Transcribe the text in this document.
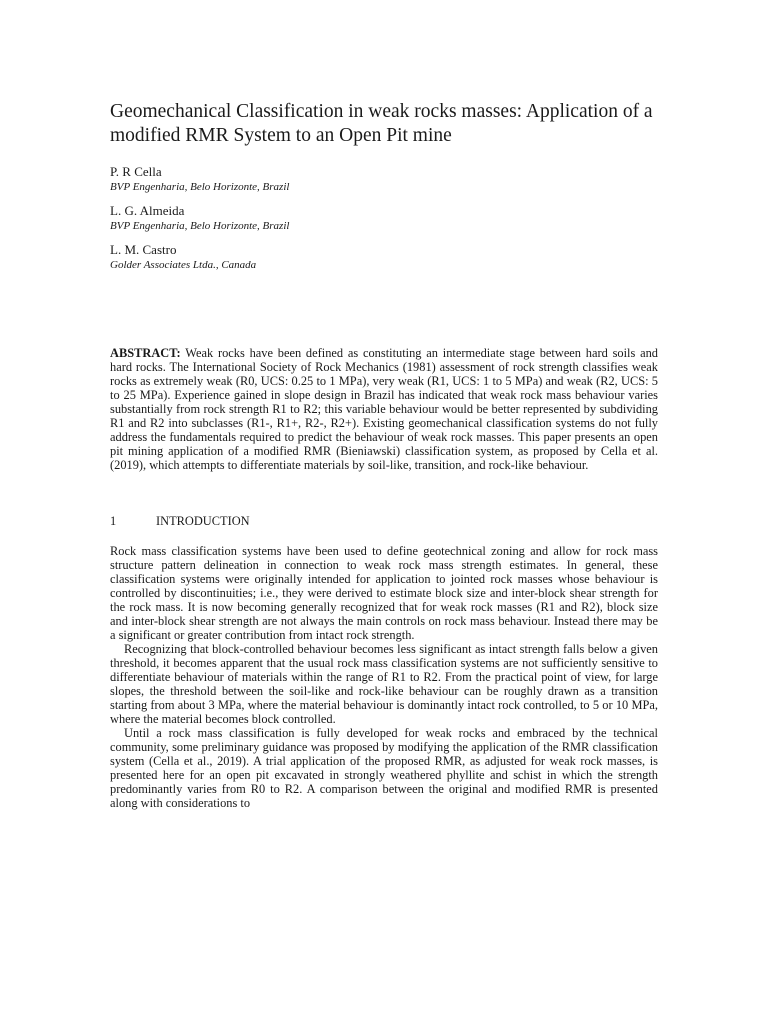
Geomechanical Classification in weak rocks masses: Application of a modified RMR System to an Open Pit mine
P. R Cella
BVP Engenharia, Belo Horizonte, Brazil
L. G. Almeida
BVP Engenharia, Belo Horizonte, Brazil
L. M. Castro
Golder Associates Ltda., Canada
ABSTRACT: Weak rocks have been defined as constituting an intermediate stage between hard soils and hard rocks. The International Society of Rock Mechanics (1981) assessment of rock strength classifies weak rocks as extremely weak (R0, UCS: 0.25 to 1 MPa), very weak (R1, UCS: 1 to 5 MPa) and weak (R2, UCS: 5 to 25 MPa). Experience gained in slope design in Brazil has indicated that weak rock mass behaviour varies substantially from rock strength R1 to R2; this variable behaviour would be better represented by subdividing R1 and R2 into subclasses (R1-, R1+, R2-, R2+). Existing geomechanical classification systems do not fully address the fundamentals required to predict the behaviour of weak rock masses. This paper presents an open pit mining application of a modified RMR (Bieniawski) classification system, as proposed by Cella et al. (2019), which attempts to differentiate materials by soil-like, transition, and rock-like behaviour.
1	INTRODUCTION

Rock mass classification systems have been used to define geotechnical zoning and allow for rock mass structure pattern delineation in connection to weak rock mass strength estimates. In general, these classification systems were originally intended for application to jointed rock masses whose behaviour is controlled by discontinuities; i.e., they were derived to estimate block size and inter-block shear strength for the rock mass. It is now becoming generally recognized that for weak rock masses (R1 and R2), block size and inter-block shear strength are not always the main controls on rock mass behaviour. Instead there may be a significant or greater contribution from intact rock strength.

Recognizing that block-controlled behaviour becomes less significant as intact strength falls below a given threshold, it becomes apparent that the usual rock mass classification systems are not sufficiently sensitive to differentiate behaviour of materials within the range of R1 to R2. From the practical point of view, for large slopes, the threshold between the soil-like and rock-like behaviour can be roughly drawn as a transition starting from about 3 MPa, where the material behaviour is dominantly intact rock controlled, to 5 or 10 MPa, where the material becomes block controlled.

Until a rock mass classification is fully developed for weak rocks and embraced by the technical community, some preliminary guidance was proposed by modifying the application of the RMR classification system (Cella et al., 2019). A trial application of the proposed RMR, as adjusted for weak rock masses, is presented here for an open pit excavated in strongly weathered phyllite and schist in which the strength predominantly varies from R0 to R2. A comparison between the original and modified RMR is presented along with considerations to
